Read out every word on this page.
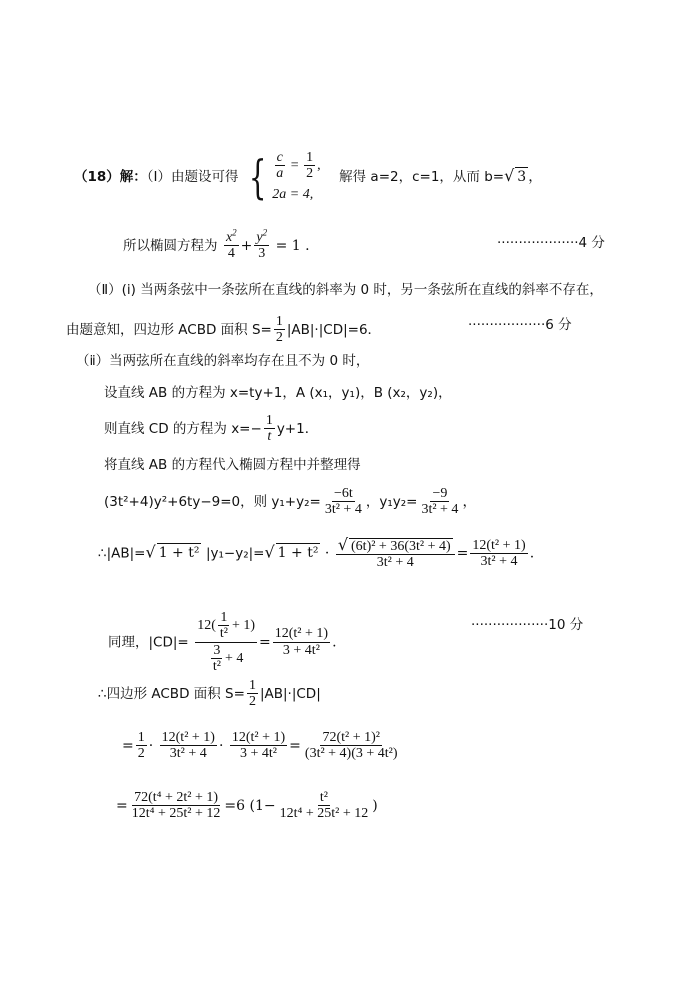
（18）解：（Ⅰ）由题设可得 { $\frac{c}{a} = \frac{1}{2}$ ,
2a = 4,
解得 a=2，c=1，从而 b=√ 3 ，
所以椭圆方程为 $\frac{x^2}{4} + \frac{y^2}{3} = 1$ .	···················4 分
（Ⅱ）(ⅰ) 当两条弦中一条弦所在直线的斜率为 0 时，另一条弦所在直线的斜率不存在，
由题意知，四边形 ACBD 面积 $S= \frac{1}{2} |AB|\cdot|CD|=6$．	··················6 分
（ⅱ）当两弦所在直线的斜率均存在且不为 0 时，
设直线 AB 的方程为 x=ty+1，A (x₁，y₁)，B (x₂，y₂)，
则直线 CD 的方程为 $x=- \frac{1}{t} y+1$．
将直线 AB 的方程代入椭圆方程中并整理得
(3t²+4)y²+6ty−9=0，则 $y_1+y_2= \frac{-6t}{\text{3t² + 4}}$ ，$y_1y_2= \frac{-9}{\text{3t² + 4}}$ ，
∴|AB|=√ 1 + t² |y₁−y₂|=√ $1 + t^2 \cdot \frac{\text{√ (6t)² + 36(3t² + 4)}}{\text{3t² + 4}} = \frac{\text{12(t² + 1)}}{\text{3t² + 4}}$ .
同理，$|CD|= \frac{12( \frac{1}{\text{t²}} + 1)}{\frac{3}{\text{t²}} + 4} = \frac{\text{12(t² + 1)}}{\text{3 + 4t²}}$ .
··················10 分
∴四边形 ACBD 面积 $S= \frac{1}{2} |AB|\cdot|CD|$
= $\frac{1}{2} \cdot \frac{\text{12(t² + 1)}}{\text{3t² + 4}} \cdot \frac{\text{12(t² + 1)}}{\text{3 + 4t²}} = \frac{\text{72(t² + 1)²}}{\text{(3t² + 4)(3 + 4t²)}}$
= $\frac{\text{72(t⁴ + 2t² + 1)}}{\text{12t⁴ + 25t² + 12}} =6$ ($1- \frac{\text{t²}}{\text{12t⁴ + 25t² + 12}}$ )
